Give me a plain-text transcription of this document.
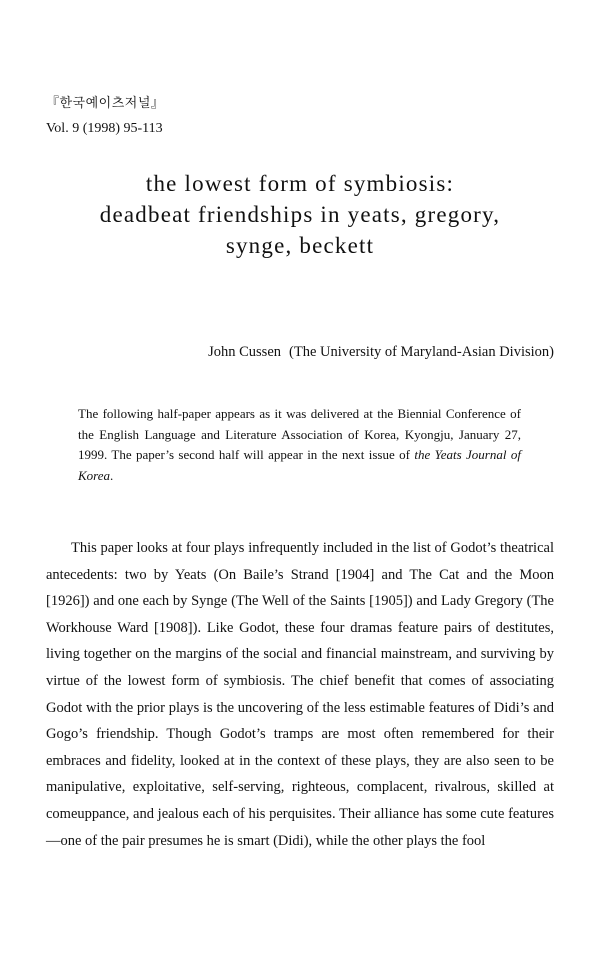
『한국예이츠저널』
Vol. 9 (1998) 95-113
the lowest form of symbiosis:
deadbeat friendships in yeats, gregory,
synge, beckett
John Cussen (The University of Maryland-Asian Division)
The following half-paper appears as it was delivered at the Biennial Conference of the English Language and Literature Association of Korea, Kyongju, January 27, 1999. The paper’s second half will appear in the next issue of the Yeats Journal of Korea.

This paper looks at four plays infrequently included in the list of Godot’s theatrical antecedents: two by Yeats (On Baile’s Strand [1904] and The Cat and the Moon [1926]) and one each by Synge (The Well of the Saints [1905]) and Lady Gregory (The Workhouse Ward [1908]). Like Godot, these four dramas feature pairs of destitutes, living together on the margins of the social and financial mainstream, and surviving by virtue of the lowest form of symbiosis. The chief benefit that comes of associating Godot with the prior plays is the uncovering of the less estimable features of Didi’s and Gogo’s friendship. Though Godot’s tramps are most often remembered for their embraces and fidelity, looked at in the context of these plays, they are also seen to be manipulative, exploitative, self-serving, righteous, complacent, rivalrous, skilled at comeuppance, and jealous each of his perquisites. Their alliance has some cute features—one of the pair presumes he is smart (Didi), while the other plays the fool
